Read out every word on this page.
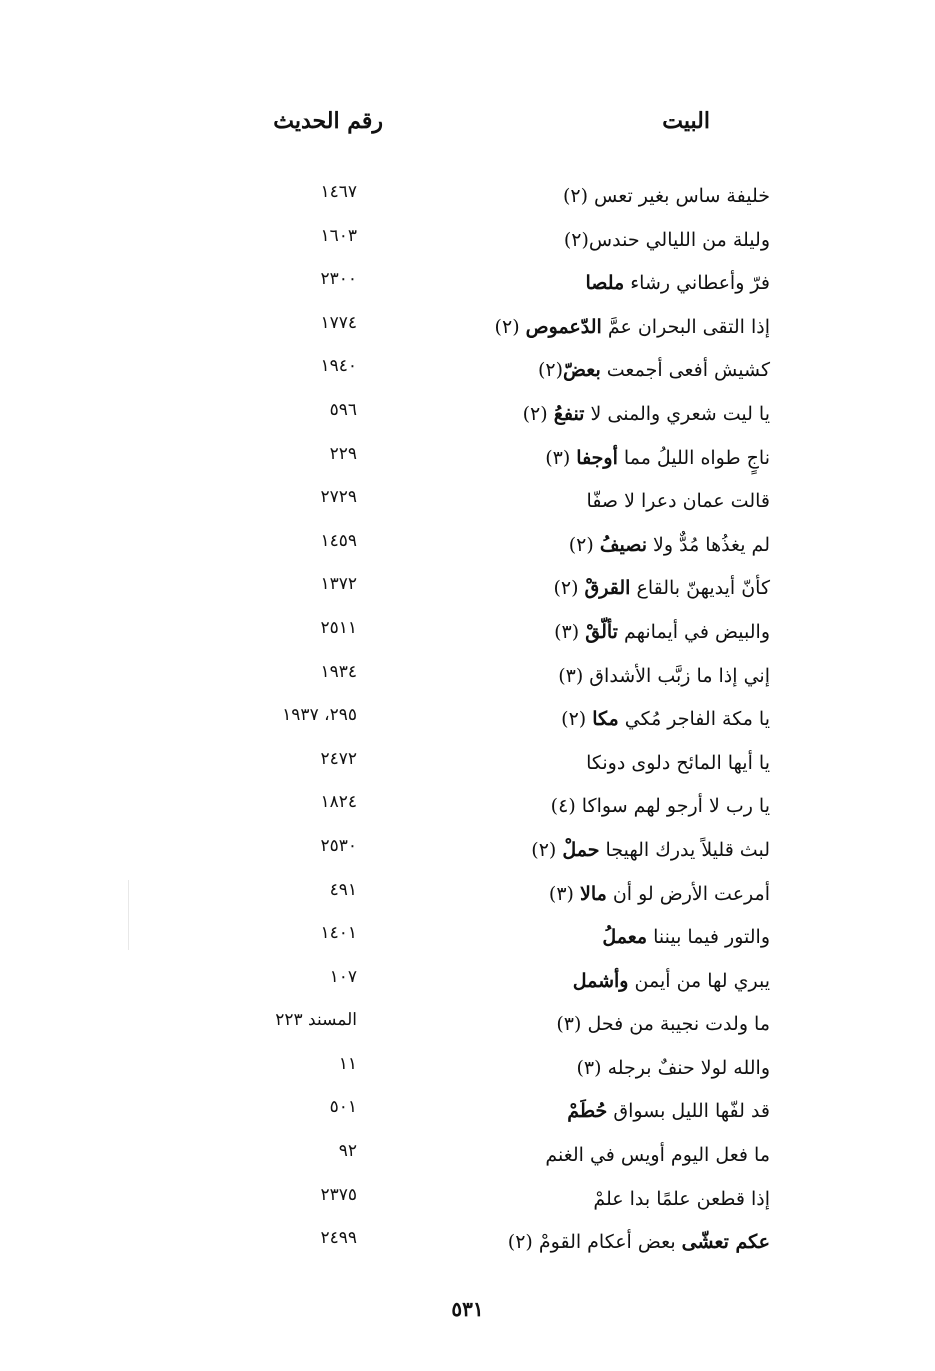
البيت
رقم الحديث
خليفة ساس بغير تعس (٢)
١٤٦٧
وليلة من الليالي حندس(٢)
١٦٠٣
فرّ وأعطاني رشاء ملصا
٢٣٠٠
إذا التقى البحران عمَّ الدّعموص (٢)
١٧٧٤
كشيش أفعى أجمعت بعضّ(٢)
١٩٤٠
يا ليت شعري والمنى لا تنفعُ (٢)
٥٩٦
ناجٍ طواه الليلُ مما أوجفا (٣)
٢٢٩
قالت عمان دعرا لا صفّا
٢٧٢٩
لم يغذُها مُدٌّ ولا نصيفُ (٢)
١٤٥٩
كأنّ أيديهنّ بالقاع القرقْ (٢)
١٣٧٢
والبيض في أيمانهم تألّقْ (٣)
٢٥١١
إني إذا ما زبَّب الأشداق (٣)
١٩٣٤
يا مكة الفاجر مُكي مكا (٢)
٢٩٥، ١٩٣٧
يا أيها المائح دلوى دونكا
٢٤٧٢
يا رب لا أرجو لهم سواكا (٤)
١٨٢٤
لبث قليلاً يدرك الهيجا حملْ (٢)
٢٥٣٠
أمرعت الأرض لو أن مالا (٣)
٤٩١
والتور فيما بيننا معملُ
١٤٠١
يبري لها من أيمن وأشمل
١٠٧
ما ولدت نجيبة من فحل (٣)
المسند ٢٢٣
والله لولا حنفٌ برجله (٣)
١١
قد لفّها الليل بسواق حُطَمْ
٥٠١
ما فعل اليوم أويس في الغنم
٩٢
إذا قطعن علمًا بدا علمْ
٢٣٧٥
عكم تعشّى بعض أعكام القومْ (٢)
٢٤٩٩
٥٣١
